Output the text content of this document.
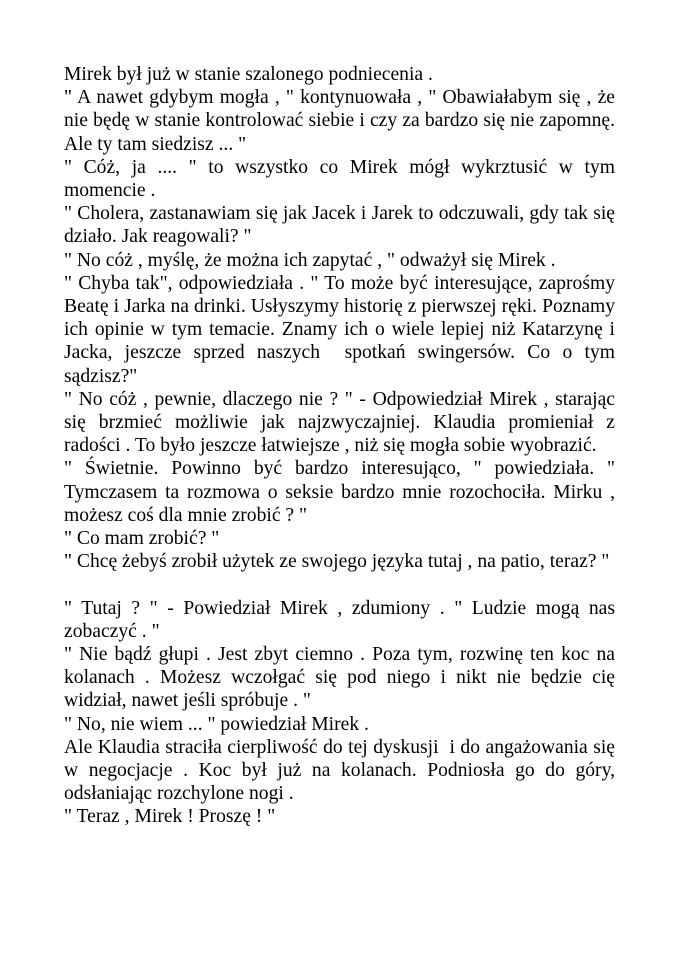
Mirek był już w stanie szalonego podniecenia .

" A nawet gdybym mogła , " kontynuowała , " Obawiałabym się , że nie będę w stanie kontrolować siebie i czy za bardzo się nie zapomnę. Ale ty tam siedzisz ... "

" Cóż, ja .... " to wszystko co Mirek mógł wykrztusić w tym momencie .

" Cholera, zastanawiam się jak Jacek i Jarek to odczuwali, gdy tak się działo. Jak reagowali? "

" No cóż , myślę, że można ich zapytać , " odważył się Mirek .

" Chyba tak", odpowiedziała . " To może być interesujące, zaprośmy Beatę i Jarka na drinki. Usłyszymy historię z pierwszej ręki. Poznamy ich opinie w tym temacie. Znamy ich o wiele lepiej niż Katarzynę i Jacka, jeszcze sprzed naszych  spotkań swingersów. Co o tym sądzisz?"

" No cóż , pewnie, dlaczego nie ? " - Odpowiedział Mirek , starając się brzmieć możliwie jak najzwyczajniej. Klaudia promieniał z radości . To było jeszcze łatwiejsze , niż się mogła sobie wyobrazić.

" Świetnie. Powinno być bardzo interesująco, " powiedziała. " Tymczasem ta rozmowa o seksie bardzo mnie rozochociła. Mirku , możesz coś dla mnie zrobić ? "

" Co mam zrobić? "

" Chcę żebyś zrobił użytek ze swojego języka tutaj , na patio, teraz? "

" Tutaj ? " - Powiedział Mirek , zdumiony . " Ludzie mogą nas zobaczyć . "

" Nie bądź głupi . Jest zbyt ciemno . Poza tym, rozwinę ten koc na kolanach . Możesz wczołgać się pod niego i nikt nie będzie cię widział, nawet jeśli spróbuje . "

" No, nie wiem ... " powiedział Mirek .

Ale Klaudia straciła cierpliwość do tej dyskusji  i do angażowania się w negocjacje . Koc był już na kolanach. Podniosła go do góry, odsłaniając rozchylone nogi .

" Teraz , Mirek ! Proszę ! "
